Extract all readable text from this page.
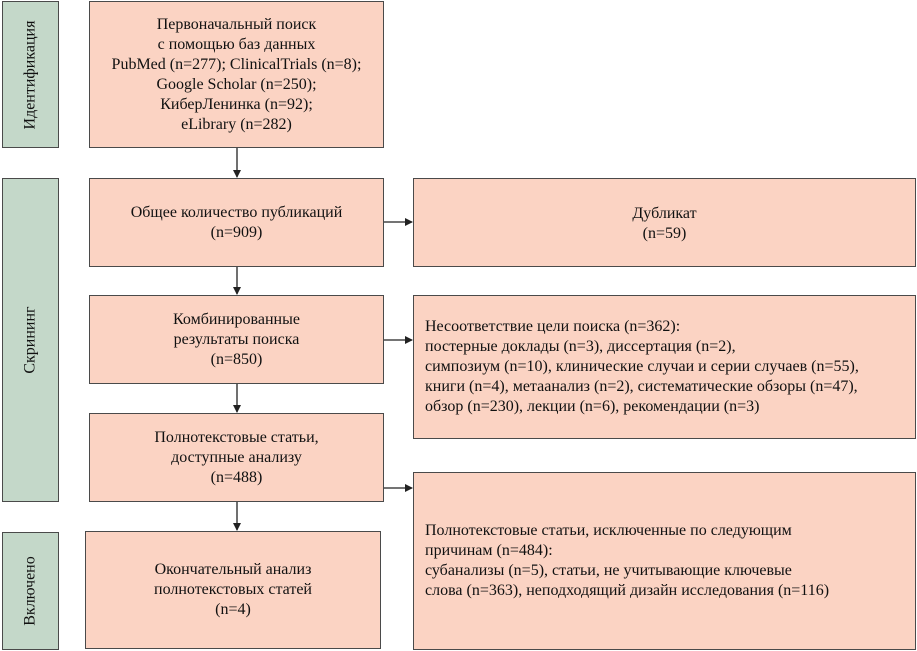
Идентификация
Скрининг
Включено
Первоначальный поиск
с помощью баз данных
PubMed (n=277); ClinicalTrials (n=8);
Google Scholar (n=250);
КиберЛенинка (n=92);
eLibrary (n=282)
Общее количество публикаций
(n=909)
Дубликат
(n=59)
Комбинированные
результаты поиска
(n=850)
Несоответствие цели поиска (n=362):
постерные доклады (n=3), диссертация (n=2),
симпозиум (n=10), клинические случаи и серии случаев (n=55),
книги (n=4), метаанализ (n=2), систематические обзоры (n=47),
обзор (n=230), лекции (n=6), рекомендации (n=3)
Полнотекстовые статьи,
доступные анализу
(n=488)
Полнотекстовые статьи, исключенные по следующим
причинам (n=484):
субанализы (n=5), статьи, не учитывающие ключевые
слова (n=363), неподходящий дизайн исследования (n=116)
Окончательный анализ
полнотекстовых статей
(n=4)
